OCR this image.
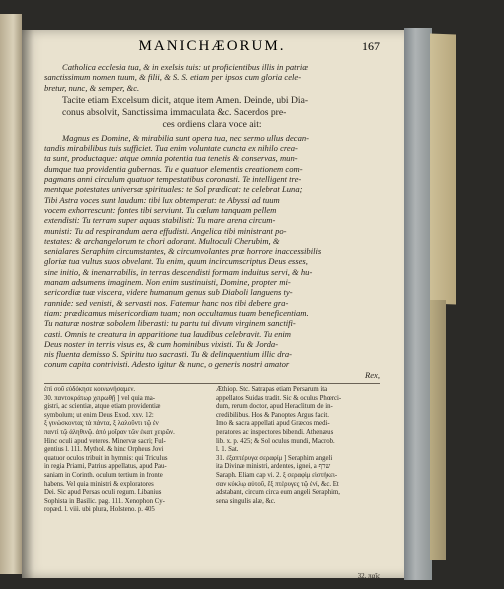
MANICHÆORUM.	167
Catholica ecclesia tua, & in exelsis tuis: ut proficientibus illis in patriæ
sanctissimum nomen tuum, & filii, & S. S. etiam per ipsos cum gloria cele-
bretur, nunc, & semper, &c.
Tacite etiam Excelsum dicit, atque item Amen. Deinde, ubi Dia-
conus absolvit, Sanctissima immaculata &c. Sacerdos pre-
ces ordiens clara voce ait:
Magnus es Domine, & mirabilia sunt opera tua, nec sermo ullus decan-
tandis mirabilibus tuis sufficiet. Tua enim voluntate cuncta ex nihilo crea-
ta sunt, productaque: atque omnia potentia tua tenetis & conservas, mun-
dumque tua providentia gubernas. Tu e quatuor elementis creationem com-
pagmans anni circulum quatuor tempestatibus coronasti. Te intelligent tre-
mentque potestates universæ spirituales: te Sol prædicat: te celebrat Luna;
Tibi Astra voces sunt laudum: tibi lux obtemperat: te Abyssi ad tuum
vocem exhorrescunt: fontes tibi serviunt. Tu cœlum tanquam pellem
extendisti: Tu terram super aquas stabilisti: Tu mare arena circum-
munisti: Tu ad respirandum aera effudisti. Angelica tibi ministrant po-
testates: & archangelorum te chori adorant. Multoculi Cherubim, &
senialares Seraphim circumstantes, & circumvolantes præ horrore inaccessibilis
gloriæ tua vultus suos obvelant. Tu enim, quum incircumscriptus Deus esses,
sine initio, & inenarrabilis, in terras descendisti formam induitus servi, & hu-
manam adsumens imaginem. Non enim sustinuisti, Domine, propter mi-
sericordiæ tuæ viscera, videre humanum genus sub Diaboli languens ty-
rannide: sed venisti, & servasti nos. Fatemur hanc nos tibi debere gra-
tiam: prædicamus misericordiam tuam; non occultamus tuam beneficentiam.
Tu naturæ nostræ sobolem liberasti: tu partu tui divum virginem sanctifi-
casti. Omnis te creatura in apparitione tua laudibus celebravit. Tu enim
Deus noster in terris visus es, & cum hominibus vixisti. Tu & Jorda-
nis fluenta demisso S. Spiritu tuo sacrasti. Tu & delinquentium illic dra-
conum capita contrivisti. Adesto igitur & nunc, o generis nostri amator
Rex,
ἐπὶ σοῦ εὐδόκησε κοινωνήσαμεν.
30. παντοκράτωρ χειρωθῇ ] vel quia ma-
gistri, ac scientiæ, atque etiam providentiæ
symbolum; ut enim Deus Exod. xxv. 12:
ξ γινώσκοντας τὰ πάντα, ξ λαλοῦντι τῷ ἐν
παντί τῷ ἀληθινῷ. ἀπό μοῖραν τῶν ἐκατ χειρῶν.
Hinc oculi apud veteres. Minervæ sacri; Ful-
gentius l. 111. Mythol. & hinc Orpheus Jovi
quatuor oculos tribuit in hymnis: qui Triculus
in regia Priami, Patrius appellatus, apud Pau-
saniam in Corinth. oculum tertium in fronte
habens. Vel quia ministri & exploratores
Dei. Sic apud Persas oculi regum. Libanius
Sophista in Basilic. pag. 111. Xenophon Cy-
ropæd. l. viii. ubi plura, Holsteno. p. 405
Æthiop. Stc. Satrapas etiam Persarum ita
appellatos Suidas tradit. Sic & oculus Phœrci-
dum, rerum doctor, apud Heraclitum de in-
credibilibus. Hos & Panoptes Argus facit.
Imo & sacra appellati apud Græcos medi-
peratores ac inspectores bibendi. Athenæus
lib. x. p. 425; & Sol oculus mundi, Macrob.
l. 1. Sat.
31. ἐξαπτέρυγα σεραφίμ ] Seraphim angeli
ita Divinæ ministri, ardentes, ignei, a שרף
Saraph. Eliam cap vi. 2. ξ σεραφὶμ εἱστήκει-
σαν κύκλῳ αὐτοῦ, ἓξ πτέρυγες τῷ ἐνί, &c. Et
adstabant, circum circa eum angeli Seraphim,
sena singulis alæ, &c.
32. παῖς
